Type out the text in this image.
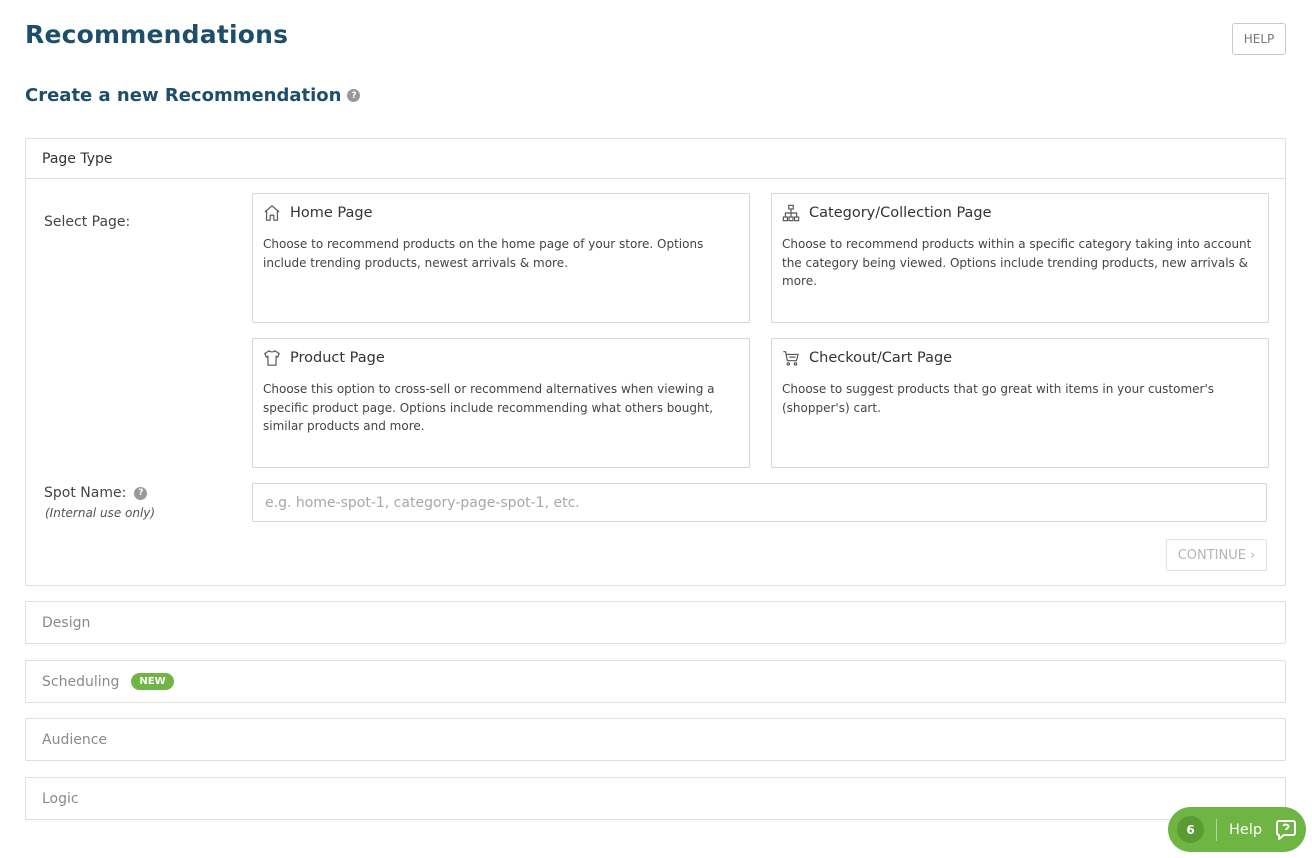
Recommendations	HELP
Create a new Recommendation	?
Page Type
Select Page:
Home Page
Choose to recommend products on the home page of your store. Options include trending products, newest arrivals & more.
Category/Collection Page
Choose to recommend products within a specific category taking into account the category being viewed. Options include trending products, new arrivals & more.
Product Page
Choose this option to cross-sell or recommend alternatives when viewing a specific product page. Options include recommending what others bought, similar products and more.
Checkout/Cart Page
Choose to suggest products that go great with items in your customer's (shopper's) cart.
Spot Name:	?
(Internal use only)
e.g. home-spot-1, category-page-spot-1, etc.
CONTINUE ›
Design
Scheduling	NEW
Audience
Logic
6	Help
